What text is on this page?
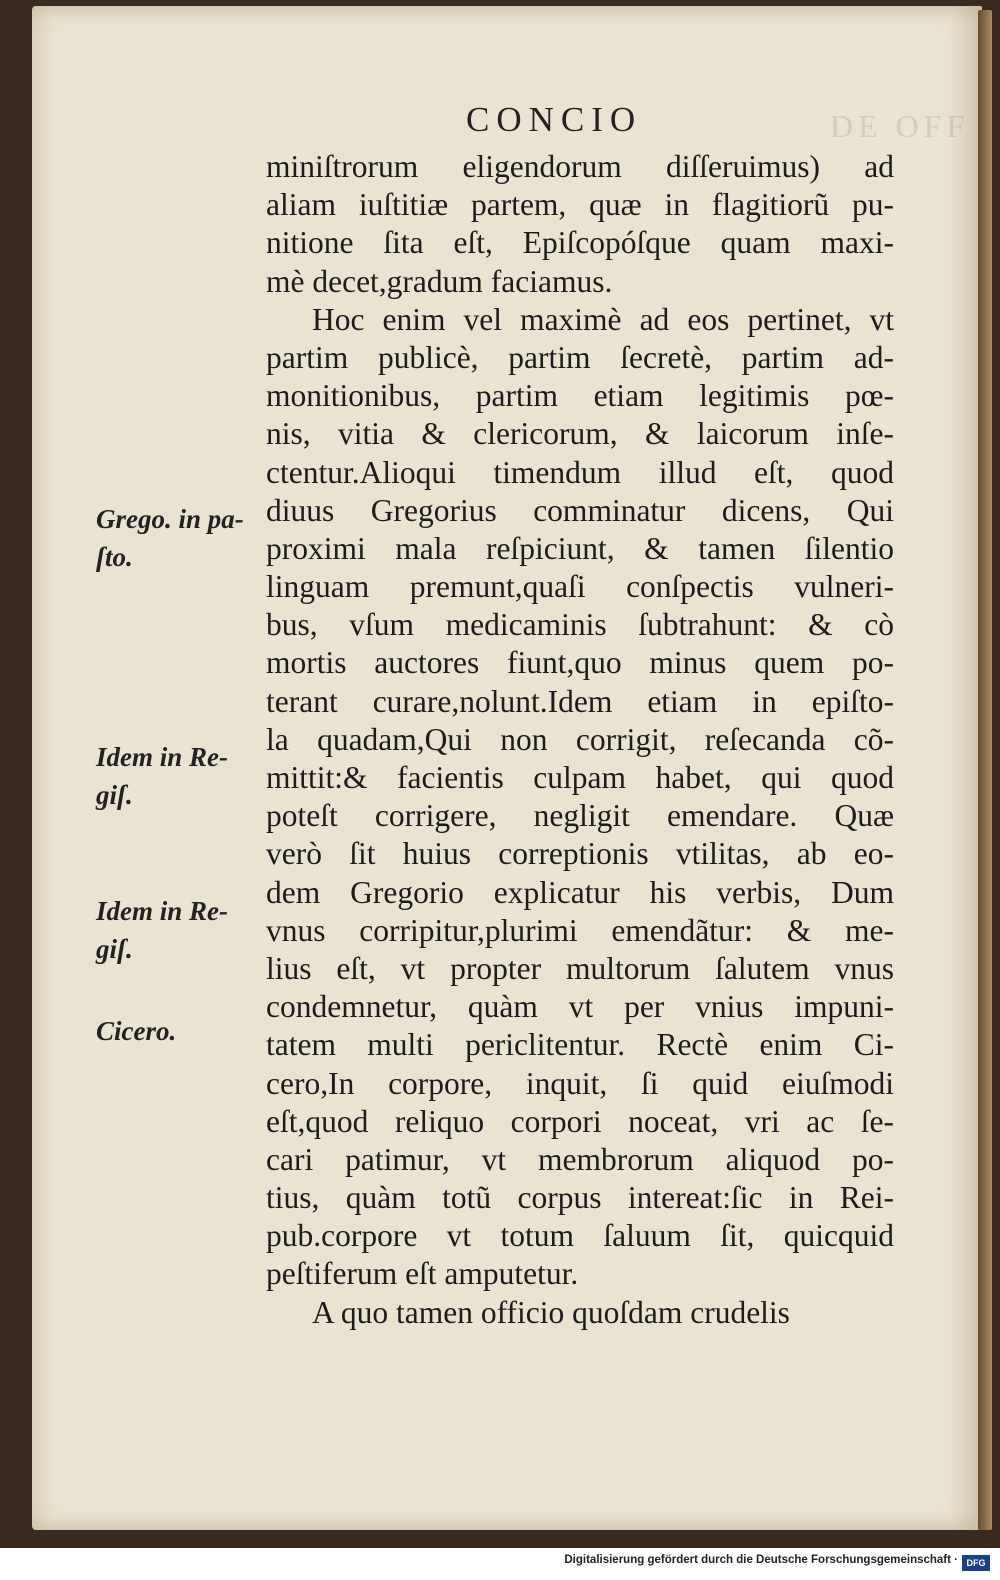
DE OFF
CONCIO
miniſtrorum eligendorum diſſeruimus) ad
aliam iuſtitiæ partem, quæ in flagitiorũ pu-
nitione ſita eſt, Epiſcopóſque quam maxi-
mè decet,gradum faciamus.
Hoc enim vel maximè ad eos pertinet, vt
partim publicè, partim ſecretè, partim ad-
monitionibus, partim etiam legitimis pœ-
nis, vitia & clericorum, & laicorum inſe-
ctentur.Alioqui timendum illud eſt, quod
diuus Gregorius comminatur dicens, Qui
proximi mala reſpiciunt, & tamen ſilentio
linguam premunt,quaſi conſpectis vulneri-
bus, vſum medicaminis ſubtrahunt: & cò
mortis auctores fiunt,quo minus quem po-
terant curare,nolunt.Idem etiam in epiſto-
la quadam,Qui non corrigit, reſecanda cõ-
mittit:& facientis culpam habet, qui quod
poteſt corrigere, negligit emendare. Quæ
verò ſit huius correptionis vtilitas, ab eo-
dem Gregorio explicatur his verbis, Dum
vnus corripitur,plurimi emendãtur: & me-
lius eſt, vt propter multorum ſalutem vnus
condemnetur, quàm vt per vnius impuni-
tatem multi periclitentur. Rectè enim Ci-
cero,In corpore, inquit, ſi quid eiuſmodi
eſt,quod reliquo corpori noceat, vri ac ſe-
cari patimur, vt membrorum aliquod po-
tius, quàm totũ corpus intereat:ſic in Rei-
pub.corpore vt totum ſaluum ſit, quicquid
peſtiferum eſt amputetur.
A quo tamen officio quoſdam crudelis
Grego. in pa-
ſto.
Idem in Re-
giſ.
Idem in Re-
giſ.
Cicero.
Digitalisierung gefördert durch die Deutsche Forschungsgemeinschaft · DFG
